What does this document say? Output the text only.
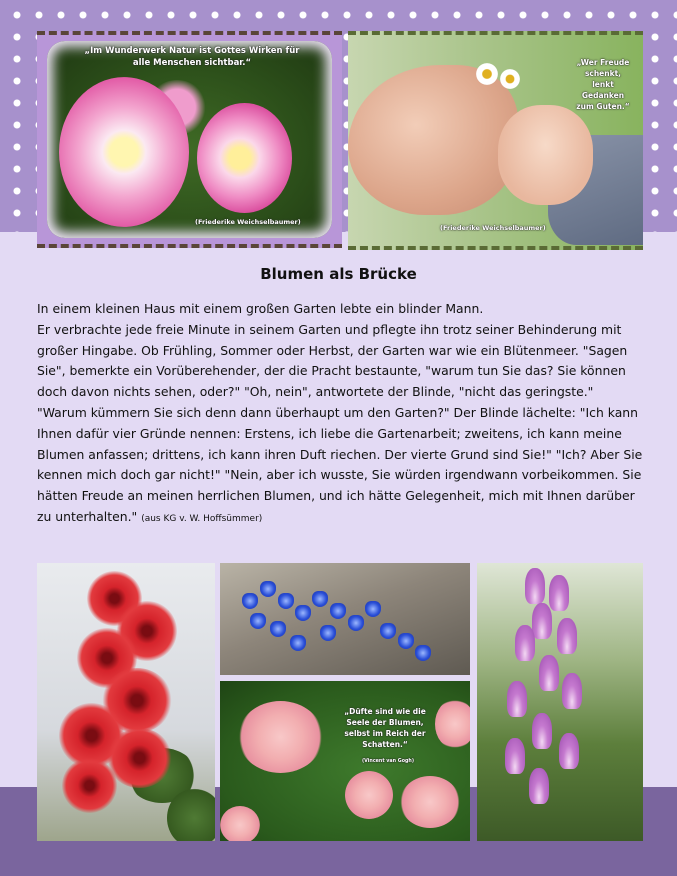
„Im Wunderwerk Natur ist Gottes Wirken für alle Menschen sichtbar.“
(Friederike Weichselbaumer)
„Wer Freude schenkt, lenkt Gedanken zum Guten.“
(Friederike Weichselbaumer)
Blumen als Brücke

In einem kleinen Haus mit einem großen Garten lebte ein blinder Mann.

Er verbrachte jede freie Minute in seinem Garten und pflegte ihn trotz seiner Behinderung mit großer Hingabe. Ob Frühling, Sommer oder Herbst, der Garten war wie ein Blütenmeer. "Sagen Sie", bemerkte ein Vorüberehender, der die Pracht bestaunte, "warum tun Sie das? Sie können doch davon nichts sehen, oder?" "Oh, nein", antwortete der Blinde, "nicht das geringste." "Warum kümmern Sie sich denn dann überhaupt um den Garten?" Der Blinde lächelte: "Ich kann Ihnen dafür vier Gründe nennen: Erstens, ich liebe die Gartenarbeit; zweitens, ich kann meine Blumen anfassen; drittens, ich kann ihren Duft riechen. Der vierte Grund sind Sie!" "Ich? Aber Sie kennen mich doch gar nicht!" "Nein, aber ich wusste, Sie würden irgendwann vorbeikommen. Sie hätten Freude an meinen herrlichen Blumen, und ich hätte Gelegenheit, mich mit Ihnen darüber zu unterhalten." (aus KG v. W. Hoffsümmer)

„Düfte sind wie die Seele der Blumen, selbst im Reich der Schatten.“
(Vincent van Gogh)
